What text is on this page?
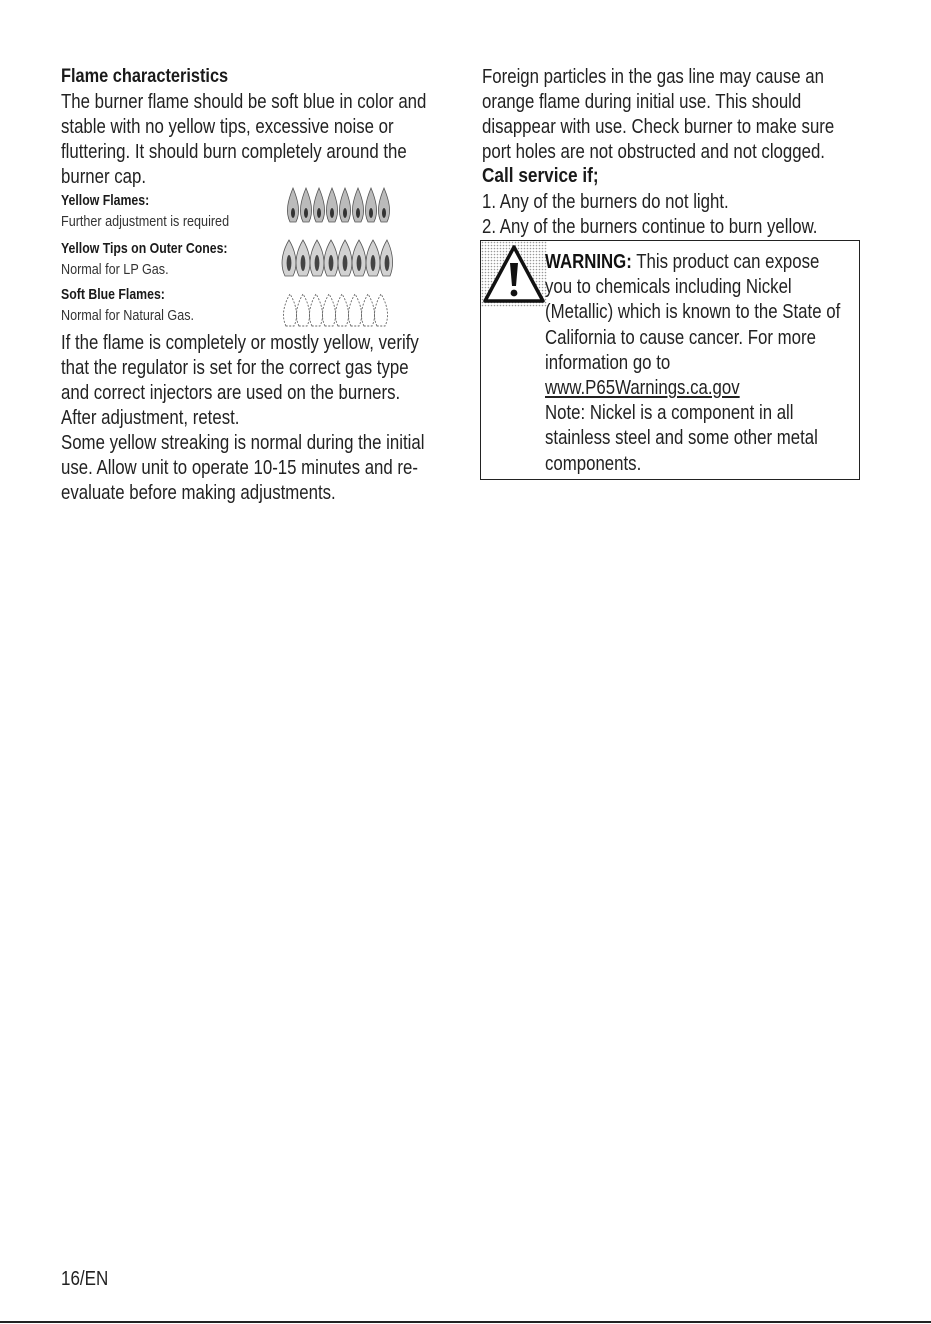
Flame characteristics

The burner flame should be soft blue in color and

stable with no yellow tips, excessive noise or

fluttering. It should burn completely around the

burner cap.

Yellow Flames:
Further adjustment is required
Yellow Tips on Outer Cones:
Normal for LP Gas.
Soft Blue Flames:
Normal for Natural Gas.

If the flame is completely or mostly yellow, verify

that the regulator is set for the correct gas type

and correct injectors are used on the burners.

After adjustment, retest.

Some yellow streaking is normal during the initial

use. Allow unit to operate 10-15 minutes and re-

evaluate before making adjustments.

Foreign particles in the gas line may cause an

orange flame during initial use. This should

disappear with use. Check burner to make sure

port holes are not obstructed and not clogged.

Call service if;

1. Any of the burners do not light.

2. Any of the burners continue to burn yellow.

WARNING: This product can expose
you to chemicals including Nickel
(Metallic) which is known to the State of
California to cause cancer. For more
information go to
www.P65Warnings.ca.gov
Note: Nickel is a component in all
stainless steel and some other metal
components.
16/EN
